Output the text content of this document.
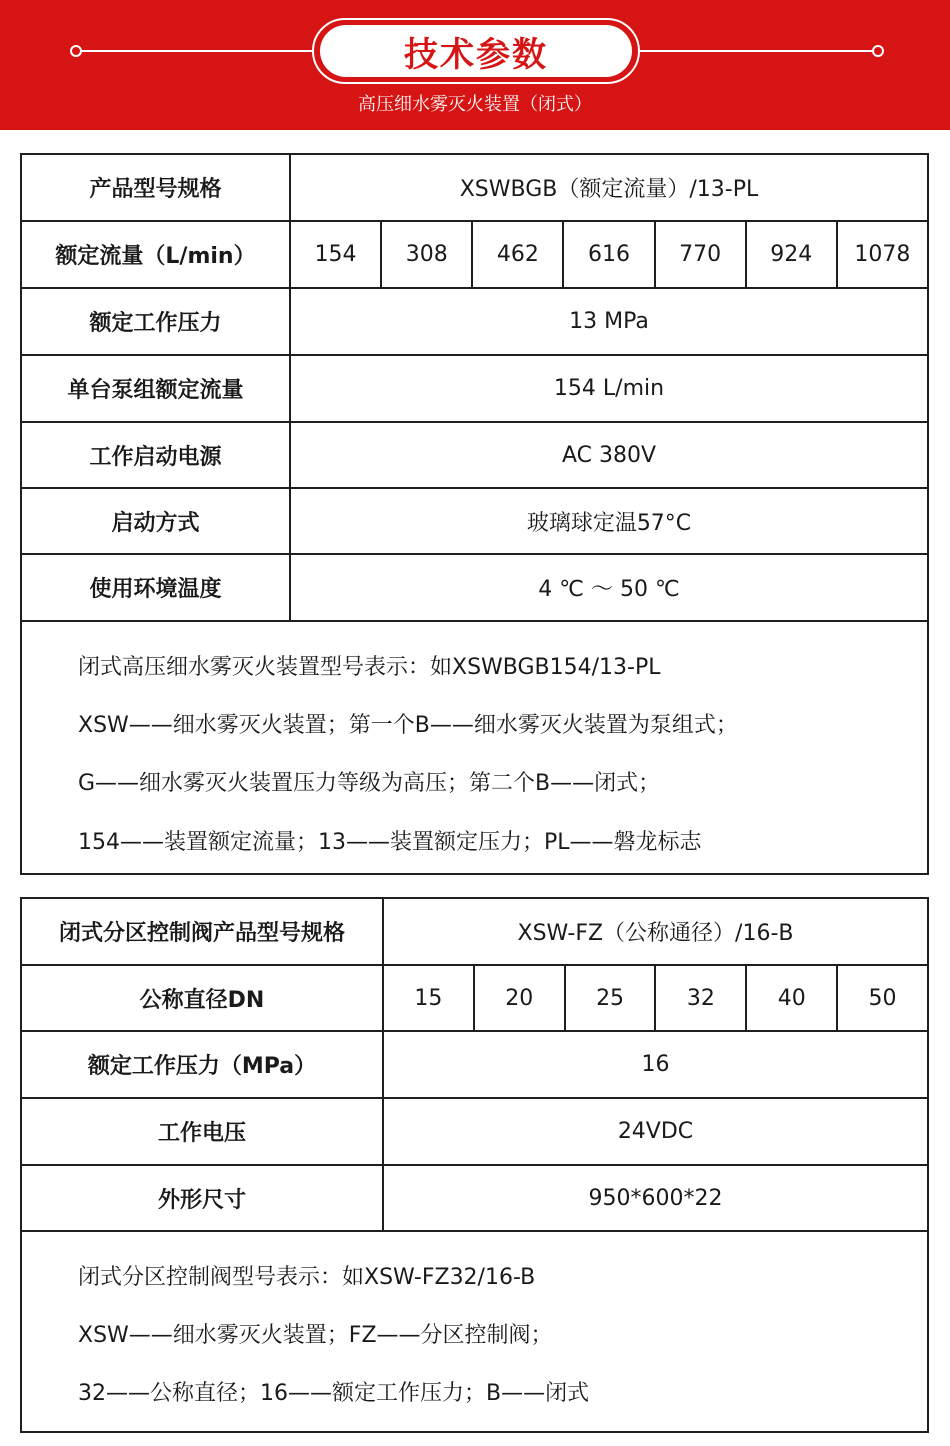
技术参数
高压细水雾灭火装置（闭式）
产品型号规格	XSWBGB（额定流量）/13-PL
额定流量（L/min）	154	308	462	616	770	924	1078
额定工作压力	13 MPa
单台泵组额定流量	154 L/min
工作启动电源	AC 380V
启动方式	玻璃球定温57°C
使用环境温度	4 ℃ ～ 50 ℃
闭式高压细水雾灭火装置型号表示：如XSWBGB154/13-PL
XSW——细水雾灭火装置；第一个B——细水雾灭火装置为泵组式；
G——细水雾灭火装置压力等级为高压；第二个B——闭式；
154——装置额定流量；13——装置额定压力；PL——磐龙标志
闭式分区控制阀产品型号规格	XSW-FZ（公称通径）/16-B
公称直径DN	15	20	25	32	40	50
额定工作压力（MPa）	16
工作电压	24VDC
外形尺寸	950*600*22
闭式分区控制阀型号表示：如XSW-FZ32/16-B
XSW——细水雾灭火装置；FZ——分区控制阀；
32——公称直径；16——额定工作压力；B——闭式
